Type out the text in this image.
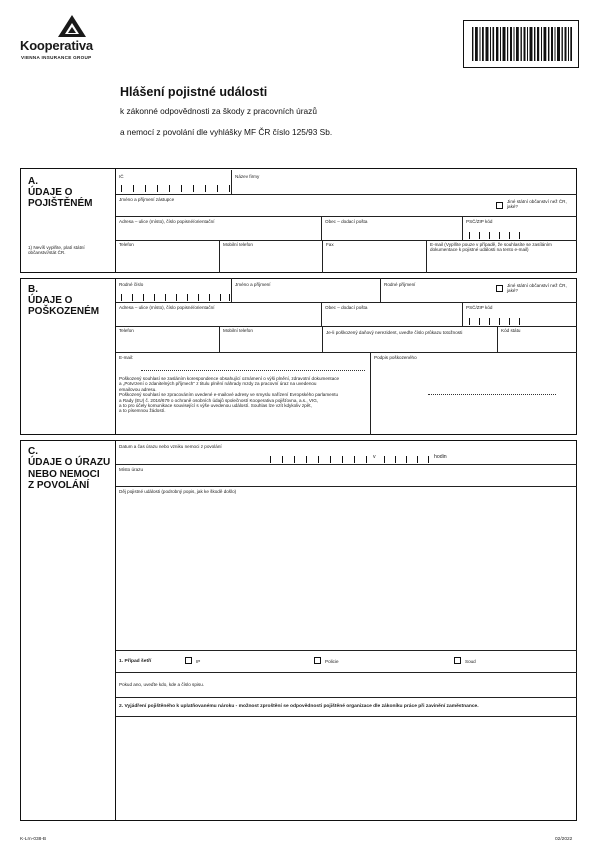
Kooperativa
VIENNA INSURANCE GROUP
Hlášení pojistné události
k zákonné odpovědnosti za škody z pracovních úrazů
a nemocí z povolání dle vyhlášky MF ČR číslo 125/93 Sb.
A.
ÚDAJE O
POJIŠTĚNÉM
1) Nevíš vyplňte, platí státní občanství/stát ČR.
IČ	Název firmy
Jméno a příjmení zástupce	Jiné státní občanství než ČR, jaké?
Adresa – ulice (místo), číslo popisné/orientační	Obec – dodací pošta	PSČ/ZIP kód
Telefon	Mobilní telefon	Fax	E-mail (Vyplňte pouze v případě, že souhlasíte se zasíláním dokumentace k pojistné události na tento e-mail)
B.
ÚDAJE O
POŠKOZENÉM
Rodné číslo	Jméno a příjmení	Rodné příjmení	Jiné státní občanství než ČR, jaké?
Adresa – ulice (místo), číslo popisné/orientační	Obec – dodací pošta	PSČ/ZIP kód
Telefon	Mobilní telefon	Je-li poškozený daňový nerezident, uveďte číslo průkazu totožnosti	Kód státu
E-mail:	Podpis poškozeného
Poškozený souhlasí se zasláním korespondence obsahující oznámení o výši plnění, zdravotní dokumentace
a „Potvrzení o zdanitelných příjmech" z titulu plnění náhrady mzdy za pracovní úraz na uvedenou
emailovou adresu.
Poškozený souhlasí se zpracováním uvedené e-mailové adresy ve smyslu nařízení Evropského parlamentu
a Rady (EU) č. 2016/679 o ochraně osobních údajů společností Kooperativa pojišťovna, a.s., VIG,
a to pro účely komunikace související s výše uvedenou událostí. Souhlas lze vzít kdykoliv zpět,
a to písemnou žádostí.
C.
ÚDAJE O ÚRAZU
NEBO NEMOCI
Z POVOLÁNÍ
Datum a čas úrazu nebo vzniku nemoci z povolání
v	hodin
Místo úrazu
Děj pojistné události (podrobný popis, jak ke škodě došlo)
1. Případ šetří	IP	Policie	Soud
Pokud ano, uveďte kdo, kde a číslo spisu.
2. Vyjádření pojištěného k uplatňovanému nároku - možnost zproštění se odpovědnosti pojištěné organizace dle zákoníku práce při zavinění zaměstnance.
K-Lrn-038-B	02/2022
